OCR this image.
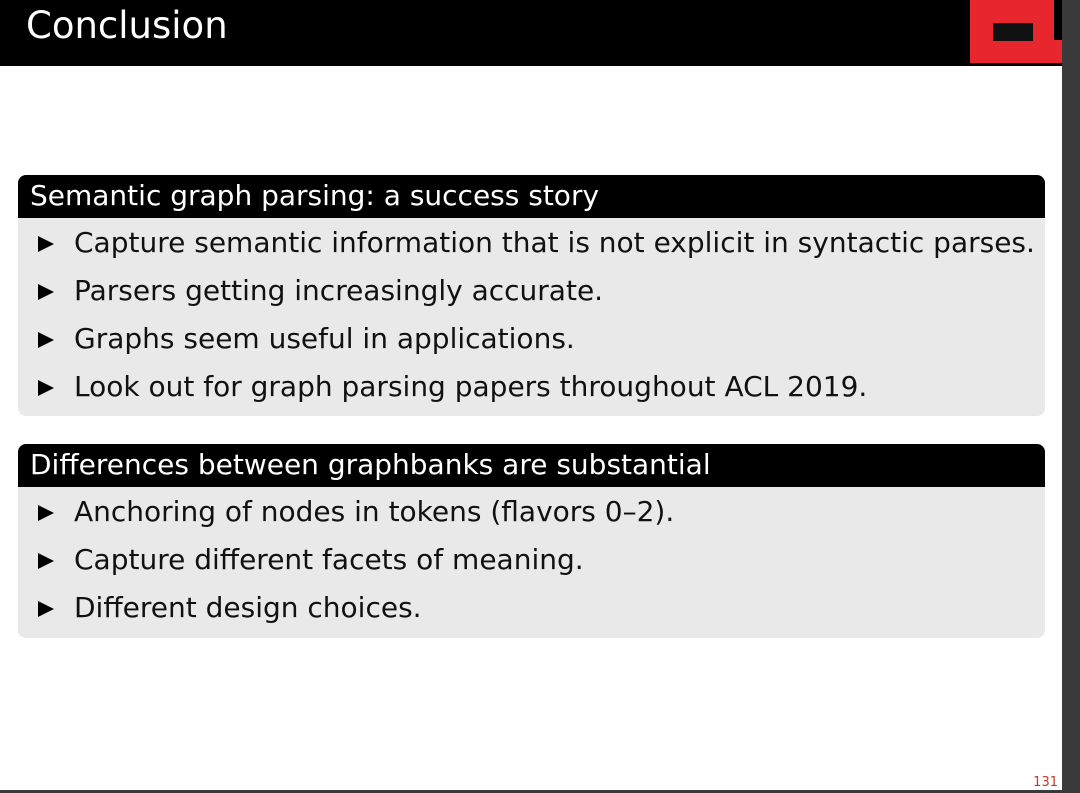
Conclusion
Semantic graph parsing: a success story
Capture semantic information that is not explicit in syntactic parses.
Parsers getting increasingly accurate.
Graphs seem useful in applications.
Look out for graph parsing papers throughout ACL 2019.
Differences between graphbanks are substantial
Anchoring of nodes in tokens (flavors 0–2).
Capture different facets of meaning.
Different design choices.
131
